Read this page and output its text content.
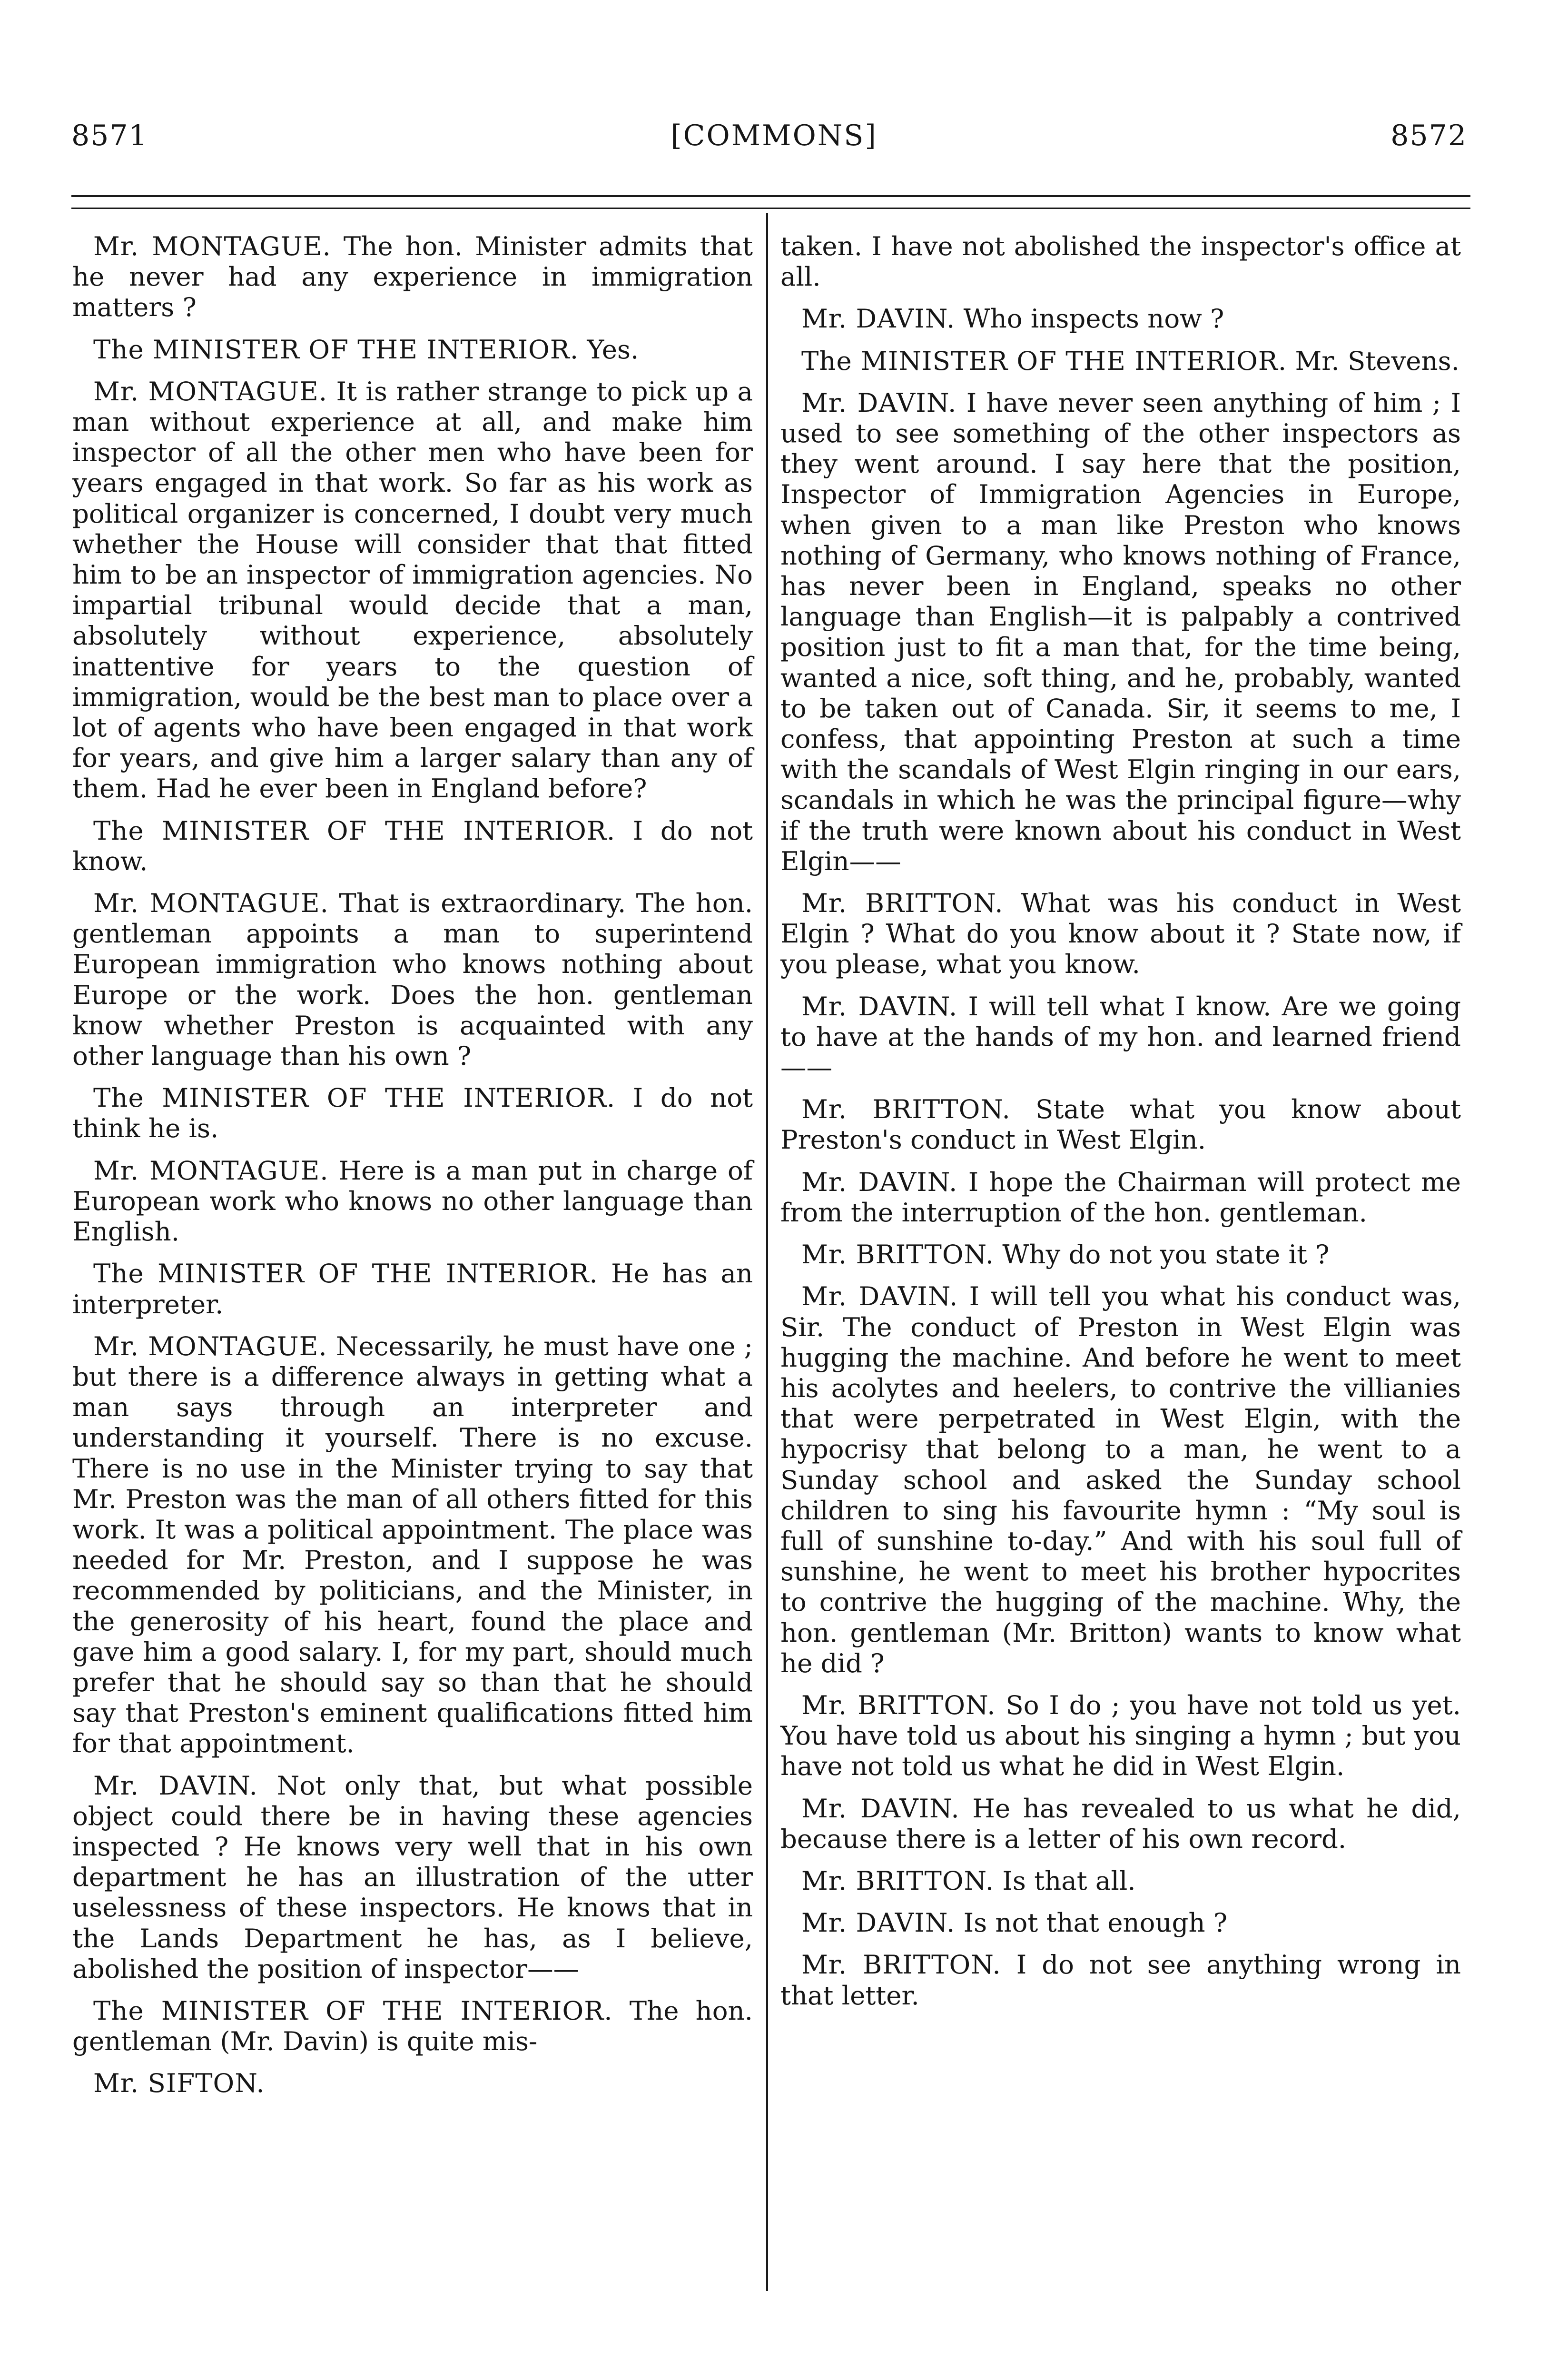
8571	[COMMONS]	8572

Mr. MONTAGUE. The hon. Minister admits that he never had any experience in immigration matters ?

The MINISTER OF THE INTERIOR. Yes.

Mr. MONTAGUE. It is rather strange to pick up a man without experience at all, and make him inspector of all the other men who have been for years engaged in that work. So far as his work as political organizer is concerned, I doubt very much whether the House will consider that that fitted him to be an inspector of immigration agencies. No impartial tribunal would decide that a man, absolutely without experience, absolutely inattentive for years to the question of immigration, would be the best man to place over a lot of agents who have been engaged in that work for years, and give him a larger salary than any of them. Had he ever been in England before?

The MINISTER OF THE INTERIOR. I do not know.

Mr. MONTAGUE. That is extraordinary. The hon. gentleman appoints a man to superintend European immigration who knows nothing about Europe or the work. Does the hon. gentleman know whether Preston is acquainted with any other language than his own ?

The MINISTER OF THE INTERIOR. I do not think he is.

Mr. MONTAGUE. Here is a man put in charge of European work who knows no other language than English.

The MINISTER OF THE INTERIOR. He has an interpreter.

Mr. MONTAGUE. Necessarily, he must have one ; but there is a difference always in getting what a man says through an interpreter and understanding it yourself. There is no excuse. There is no use in the Minister trying to say that Mr. Preston was the man of all others fitted for this work. It was a political appointment. The place was needed for Mr. Preston, and I suppose he was recommended by politicians, and the Minister, in the generosity of his heart, found the place and gave him a good salary. I, for my part, should much prefer that he should say so than that he should say that Preston's eminent qualifications fitted him for that appointment.

Mr. DAVIN. Not only that, but what possible object could there be in having these agencies inspected ? He knows very well that in his own department he has an illustration of the utter uselessness of these inspectors. He knows that in the Lands Department he has, as I believe, abolished the position of inspector——

The MINISTER OF THE INTERIOR. The hon. gentleman (Mr. Davin) is quite mis-

Mr. SIFTON.

taken. I have not abolished the inspector's office at all.

Mr. DAVIN. Who inspects now ?

The MINISTER OF THE INTERIOR. Mr. Stevens.

Mr. DAVIN. I have never seen anything of him ; I used to see something of the other inspectors as they went around. I say here that the position, Inspector of Immigration Agencies in Europe, when given to a man like Preston who knows nothing of Germany, who knows nothing of France, has never been in England, speaks no other language than English—it is palpably a contrived position just to fit a man that, for the time being, wanted a nice, soft thing, and he, probably, wanted to be taken out of Canada. Sir, it seems to me, I confess, that appointing Preston at such a time with the scandals of West Elgin ringing in our ears, scandals in which he was the principal figure—why if the truth were known about his conduct in West Elgin——

Mr. BRITTON. What was his conduct in West Elgin ? What do you know about it ? State now, if you please, what you know.

Mr. DAVIN. I will tell what I know. Are we going to have at the hands of my hon. and learned friend——

Mr. BRITTON. State what you know about Preston's conduct in West Elgin.

Mr. DAVIN. I hope the Chairman will protect me from the interruption of the hon. gentleman.

Mr. BRITTON. Why do not you state it ?

Mr. DAVIN. I will tell you what his conduct was, Sir. The conduct of Preston in West Elgin was hugging the machine. And before he went to meet his acolytes and heelers, to contrive the villianies that were perpetrated in West Elgin, with the hypocrisy that belong to a man, he went to a Sunday school and asked the Sunday school children to sing his favourite hymn : “My soul is full of sunshine to-day.” And with his soul full of sunshine, he went to meet his brother hypocrites to contrive the hugging of the machine. Why, the hon. gentleman (Mr. Britton) wants to know what he did ?

Mr. BRITTON. So I do ; you have not told us yet. You have told us about his singing a hymn ; but you have not told us what he did in West Elgin.

Mr. DAVIN. He has revealed to us what he did, because there is a letter of his own record.

Mr. BRITTON. Is that all.

Mr. DAVIN. Is not that enough ?

Mr. BRITTON. I do not see anything wrong in that letter.
